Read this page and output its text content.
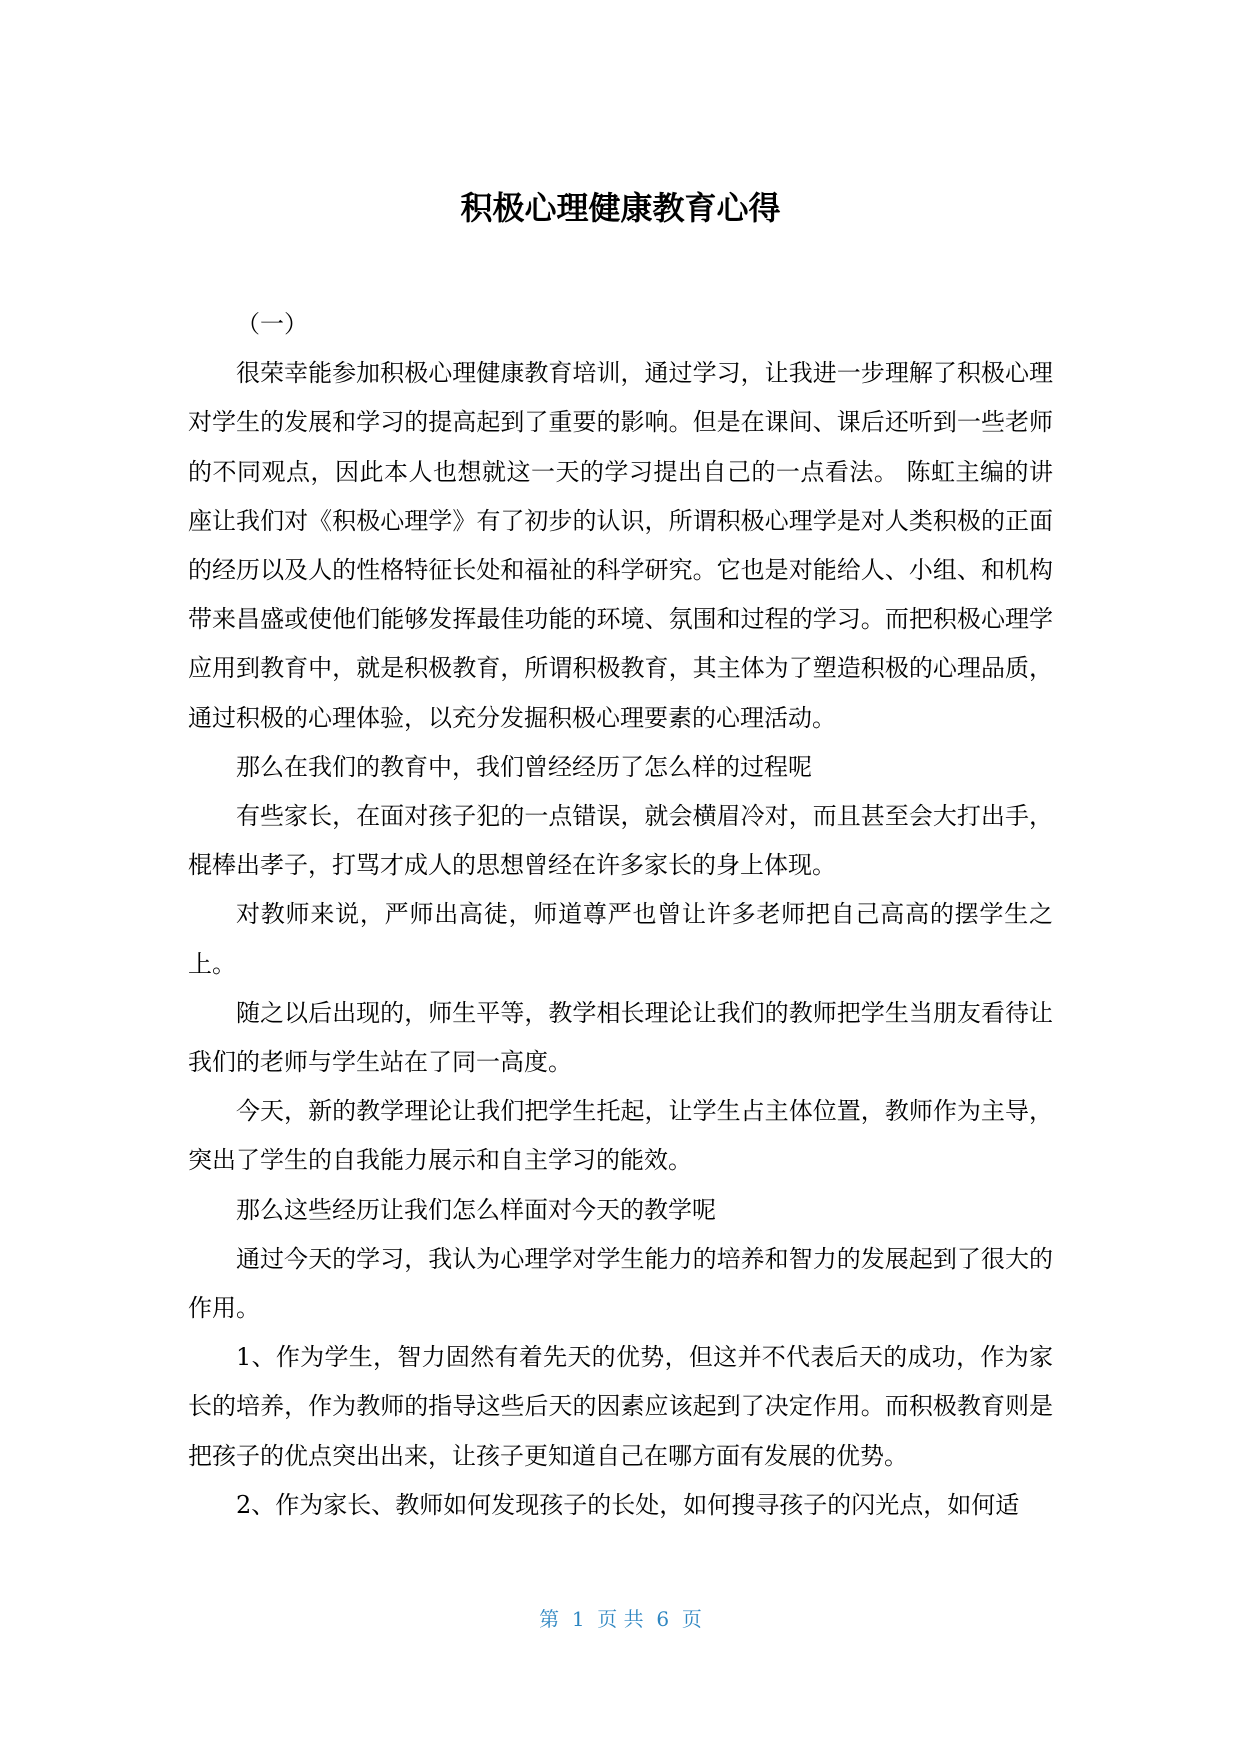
积极心理健康教育心得

（一）

很荣幸能参加积极心理健康教育培训，通过学习，让我进一步理解了积极心理对学生的发展和学习的提高起到了重要的影响。但是在课间、课后还听到一些老师的不同观点，因此本人也想就这一天的学习提出自己的一点看法。 陈虹主编的讲座让我们对《积极心理学》有了初步的认识，所谓积极心理学是对人类积极的正面的经历以及人的性格特征长处和福祉的科学研究。它也是对能给人、小组、和机构带来昌盛或使他们能够发挥最佳功能的环境、氛围和过程的学习。而把积极心理学应用到教育中，就是积极教育，所谓积极教育，其主体为了塑造积极的心理品质，通过积极的心理体验，以充分发掘积极心理要素的心理活动。

那么在我们的教育中，我们曾经经历了怎么样的过程呢

有些家长，在面对孩子犯的一点错误，就会横眉冷对，而且甚至会大打出手，棍棒出孝子，打骂才成人的思想曾经在许多家长的身上体现。

对教师来说，严师出高徒，师道尊严也曾让许多老师把自己高高的摆学生之上。

随之以后出现的，师生平等，教学相长理论让我们的教师把学生当朋友看待让我们的老师与学生站在了同一高度。

今天，新的教学理论让我们把学生托起，让学生占主体位置，教师作为主导，突出了学生的自我能力展示和自主学习的能效。

那么这些经历让我们怎么样面对今天的教学呢

通过今天的学习，我认为心理学对学生能力的培养和智力的发展起到了很大的作用。

1、作为学生，智力固然有着先天的优势，但这并不代表后天的成功，作为家长的培养，作为教师的指导这些后天的因素应该起到了决定作用。而积极教育则是把孩子的优点突出出来，让孩子更知道自己在哪方面有发展的优势。

2、作为家长、教师如何发现孩子的长处，如何搜寻孩子的闪光点，如何适

第  1  页 共  6  页
